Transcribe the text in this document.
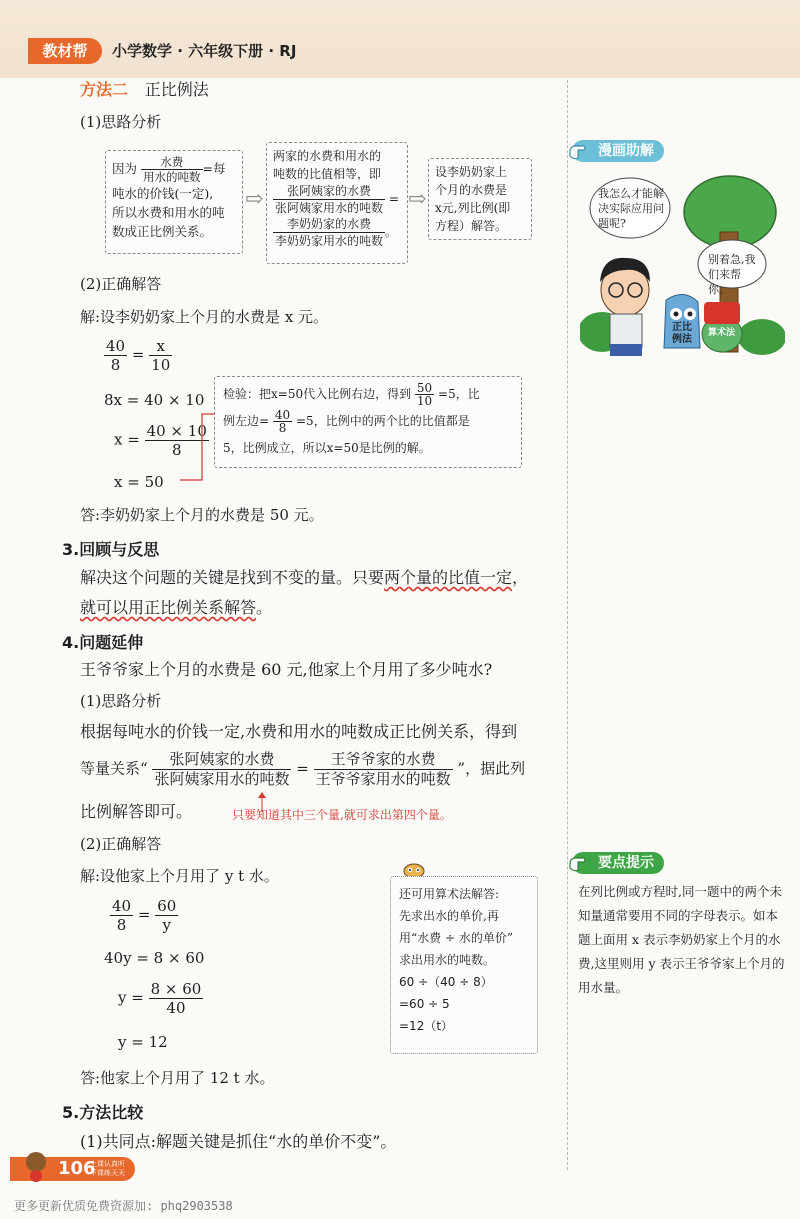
教材帮	小学数学 · 六年级下册 · RJ
方法二 正比例法
(1)思路分析
因为 $\frac{\text{水费}}{\text{用水的吨数}}$ =每
吨水的价钱(一定),
所以水费和用水的吨
数成正比例关系。
⇨
两家的水费和用水的
吨数的比值相等，即
$\frac{\text{张阿姨家的水费}}{\text{张阿姨家用水的吨数}}$ =
$\frac{\text{李奶奶家的水费}}{\text{李奶奶家用水的吨数}}$ 。
⇨
设李奶奶家上
个月的水费是
x元,列比例(即
方程）解答。
(2)正确解答
解:设李奶奶家上个月的水费是 x 元。
$\frac{40}{8} = \frac{x}{10}$
8x = 40 × 10
$x = \frac{40 \times 10}{8}$
x = 50
检验：把x=50代入比例右边，得到 $\frac{50}{10} =5$，比
例左边= $\frac{40}{8} =5$，比例中的两个比的比值都是
5，比例成立，所以x=50是比例的解。
答:李奶奶家上个月的水费是 50 元。
3.回顾与反思
解决这个问题的关键是找到不变的量。只要两个量的比值一定，
就可以用正比例关系解答。
4.问题延伸
王爷爷家上个月的水费是 60 元,他家上个月用了多少吨水?
(1)思路分析
根据每吨水的价钱一定,水费和用水的吨数成正比例关系，得到
等量关系“ $\frac{\text{张阿姨家的水费}}{\text{张阿姨家用水的吨数}} = \frac{\text{王爷爷家的水费}}{\text{王爷爷家用水的吨数}}$ ”，据此列
比例解答即可。	只要知道其中三个量,就可求出第四个量。
(2)正确解答
解:设他家上个月用了 y t 水。
$\frac{40}{8} = \frac{60}{y}$
40y = 8 × 60
$y = \frac{8 \times 60}{40}$
y = 12
还可用算术法解答:
先求出水的单价,再
用“水费 ÷ 水的单价”
求出用水的吨数。
60 ÷（40 ÷ 8）
=60 ÷ 5
=12（t）
答:他家上个月用了 12 t 水。
5.方法比较
(1)共同点:解题关键是抓住“水的单价不变”。
漫画助解
我怎么才能解决实际应用问题呢?
别着急,我们来帮你。
正比例法
算术法
要点提示
在列比例或方程时,同一题中的两个未知量通常要用不同的字母表示。如本题上面用 x 表示李奶奶家上个月的水费,这里则用 y 表示王爷爷家上个月的用水量。
106
上课认真听
下课练天天
更多更新优质免费资源加: phq2903538
